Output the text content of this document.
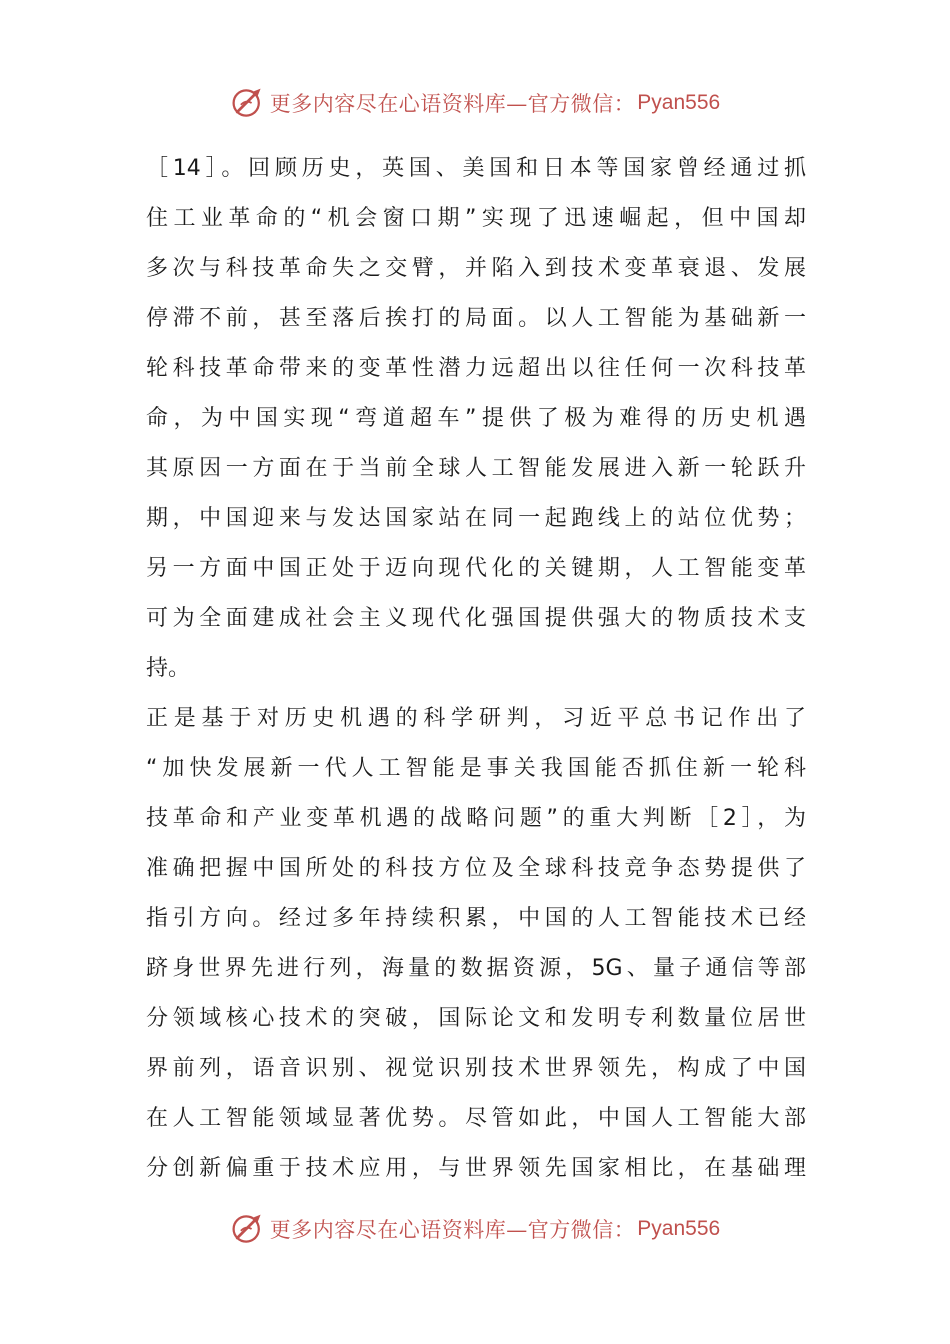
更多内容尽在心语资料库—官方微信： Pyan556
［14］。回顾历史，英国、美国和日本等国家曾经通过抓
住工业革命的“机会窗口期”实现了迅速崛起，但中国却
多次与科技革命失之交臂，并陷入到技术变革衰退、发展
停滞不前，甚至落后挨打的局面。以人工智能为基础新一
轮科技革命带来的变革性潜力远超出以往任何一次科技革
命，为中国实现“弯道超车”提供了极为难得的历史机遇
其原因一方面在于当前全球人工智能发展进入新一轮跃升
期，中国迎来与发达国家站在同一起跑线上的站位优势；
另一方面中国正处于迈向现代化的关键期，人工智能变革
可为全面建成社会主义现代化强国提供强大的物质技术支
持。
正是基于对历史机遇的科学研判，习近平总书记作出了
“加快发展新一代人工智能是事关我国能否抓住新一轮科
技革命和产业变革机遇的战略问题”的重大判断［2］，为
准确把握中国所处的科技方位及全球科技竞争态势提供了
指引方向。经过多年持续积累，中国的人工智能技术已经
跻身世界先进行列，海量的数据资源，5G、量子通信等部
分领域核心技术的突破，国际论文和发明专利数量位居世
界前列，语音识别、视觉识别技术世界领先，构成了中国
在人工智能领域显著优势。尽管如此，中国人工智能大部
分创新偏重于技术应用，与世界领先国家相比，在基础理
更多内容尽在心语资料库—官方微信： Pyan556
